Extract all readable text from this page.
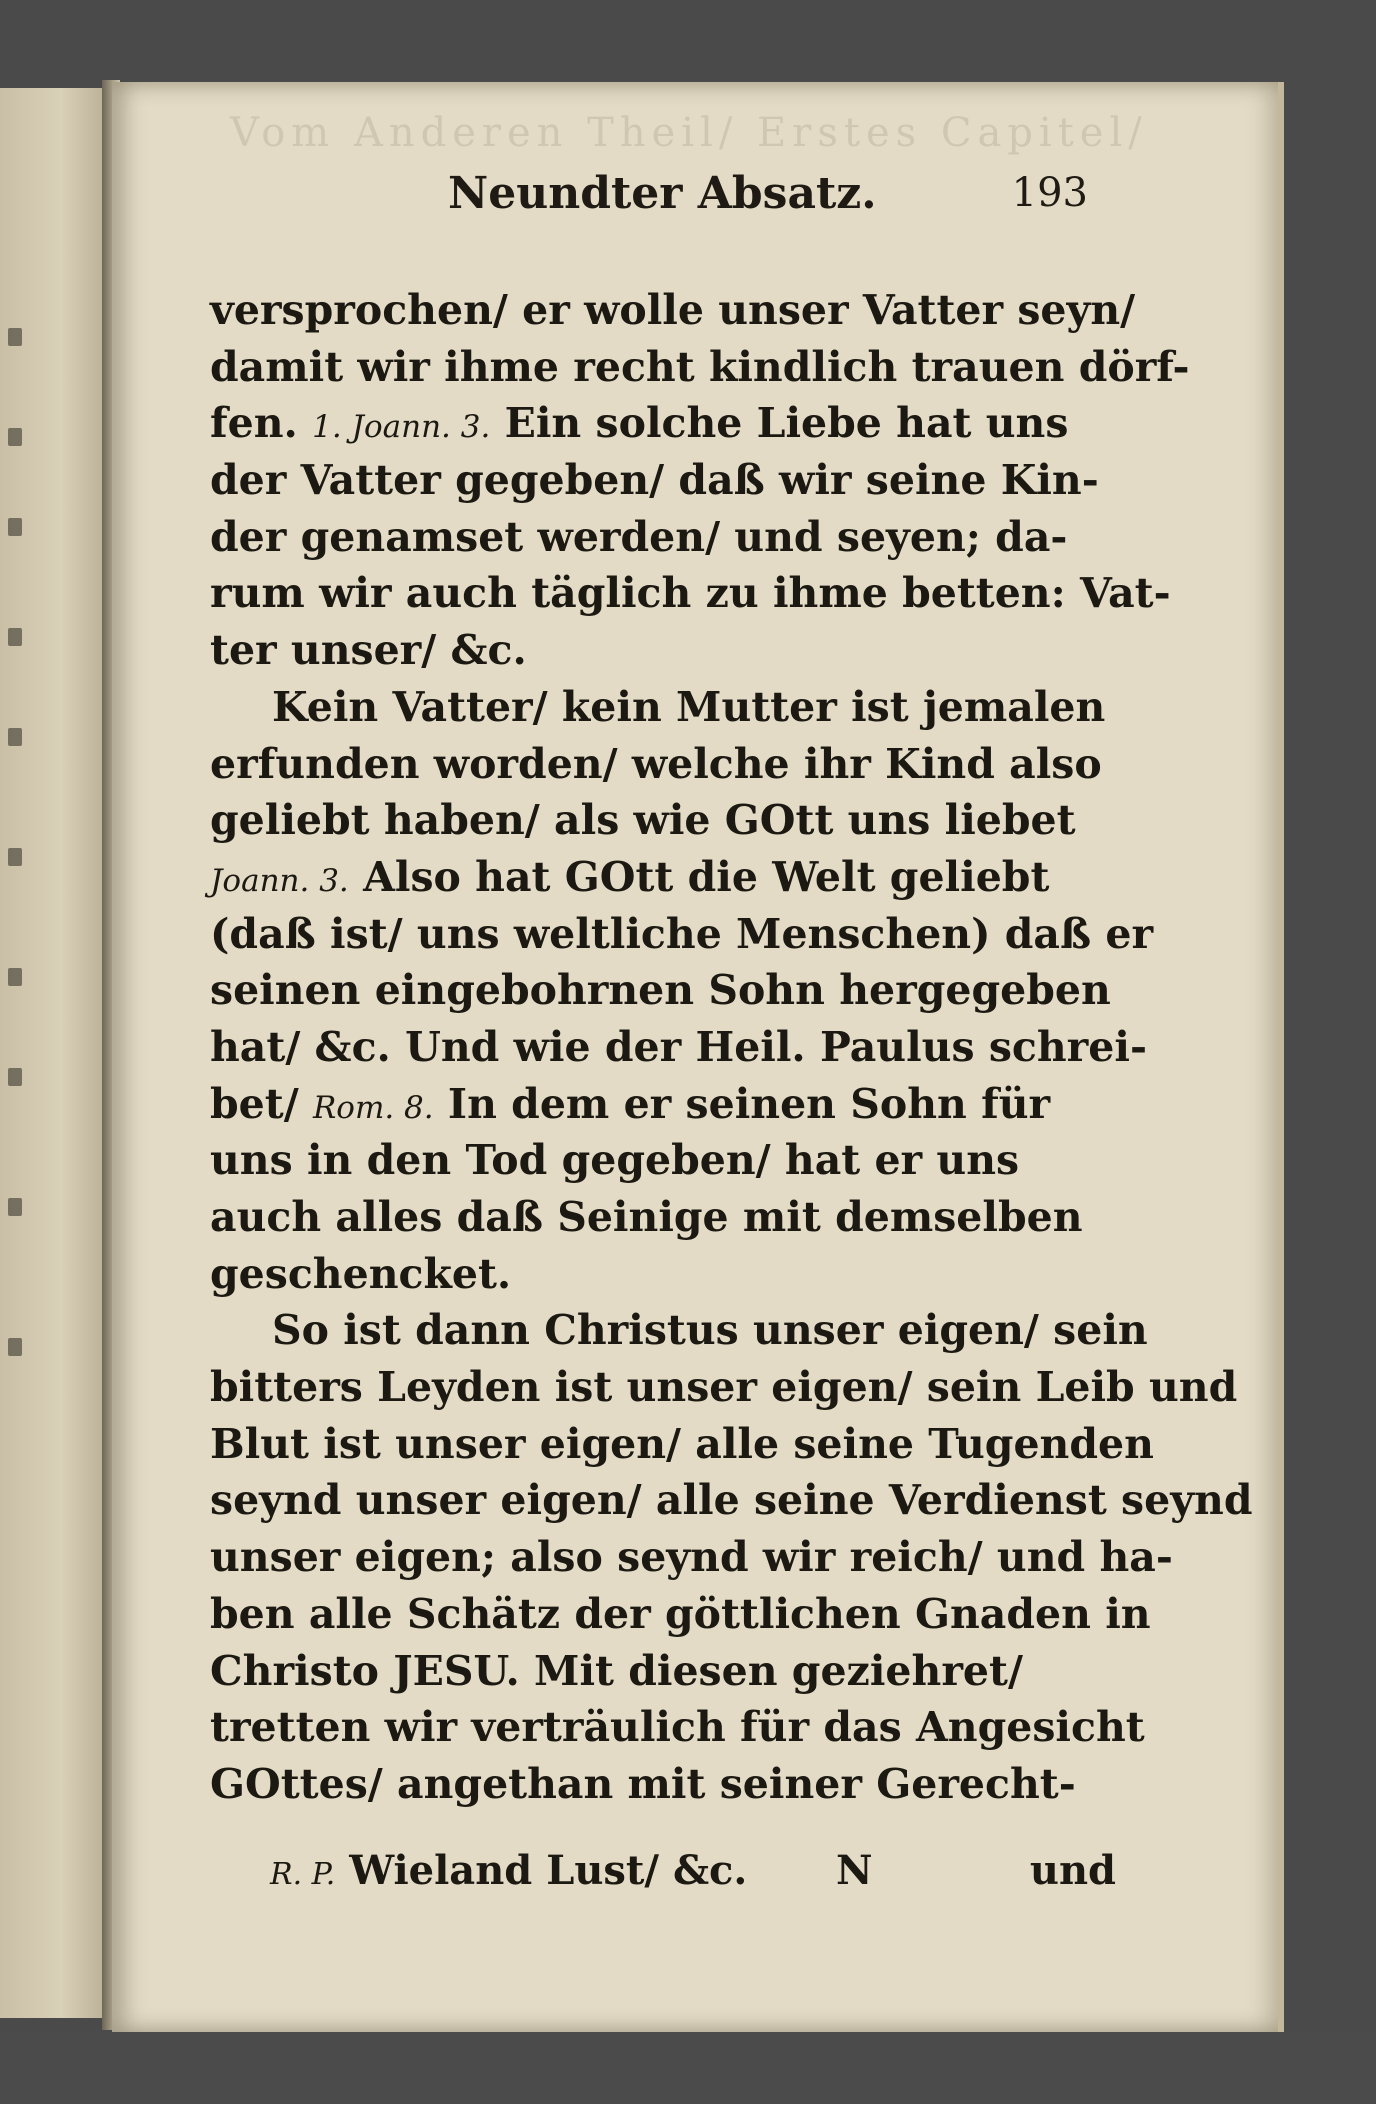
Vom Anderen Theil/ Erstes Capitel/
Neundter Absatz.	193
versprochen/ er wolle unser Vatter seyn/
damit wir ihme recht kindlich trauen dörf-
fen. 1. Joann. 3. Ein solche Liebe hat uns
der Vatter gegeben/ daß wir seine Kin-
der genamset werden/ und seyen; da-
rum wir auch täglich zu ihme betten: Vat-
ter unser/ &c.
Kein Vatter/ kein Mutter ist jemalen
erfunden worden/ welche ihr Kind also
geliebt haben/ als wie GOtt uns liebet
Joann. 3. Also hat GOtt die Welt geliebt
(daß ist/ uns weltliche Menschen) daß er
seinen eingebohrnen Sohn hergegeben
hat/ &c. Und wie der Heil. Paulus schrei-
bet/ Rom. 8. In dem er seinen Sohn für
uns in den Tod gegeben/ hat er uns
auch alles daß Seinige mit demselben
geschencket.
So ist dann Christus unser eigen/ sein
bitters Leyden ist unser eigen/ sein Leib und
Blut ist unser eigen/ alle seine Tugenden
seynd unser eigen/ alle seine Verdienst seynd
unser eigen; also seynd wir reich/ und ha-
ben alle Schätz der göttlichen Gnaden in
Christo JESU. Mit diesen geziehret/
tretten wir verträulich für das Angesicht
GOttes/ angethan mit seiner Gerecht-
R. P. Wieland Lust/ &c. N	und
